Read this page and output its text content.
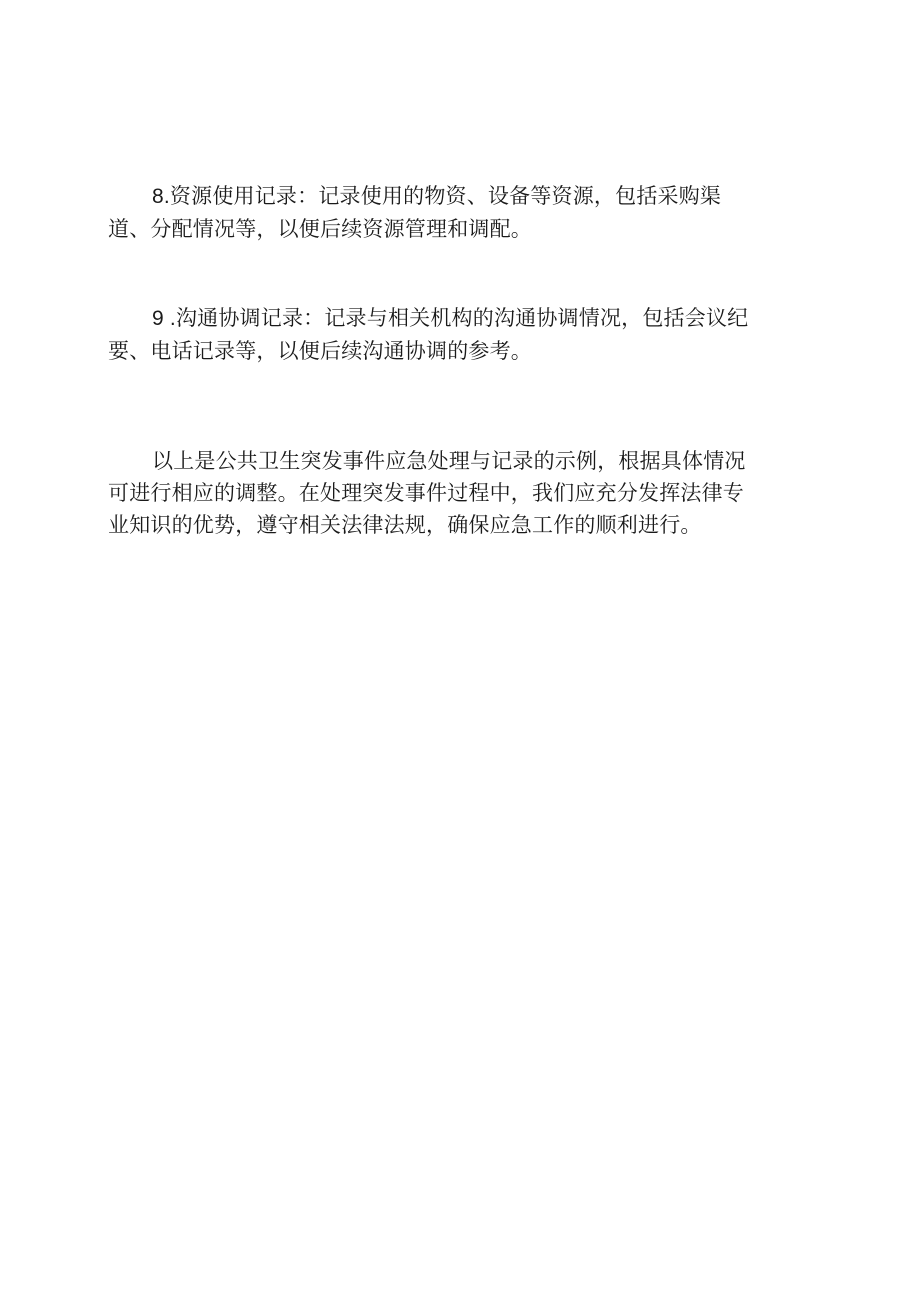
8.资源使用记录：记录使用的物资、设备等资源，包括采购渠
道、分配情况等，以便后续资源管理和调配。

9 .沟通协调记录：记录与相关机构的沟通协调情况，包括会议纪
要、电话记录等，以便后续沟通协调的参考。

以上是公共卫生突发事件应急处理与记录的示例，根据具体情况
可进行相应的调整。在处理突发事件过程中，我们应充分发挥法律专
业知识的优势，遵守相关法律法规，确保应急工作的顺利进行。
